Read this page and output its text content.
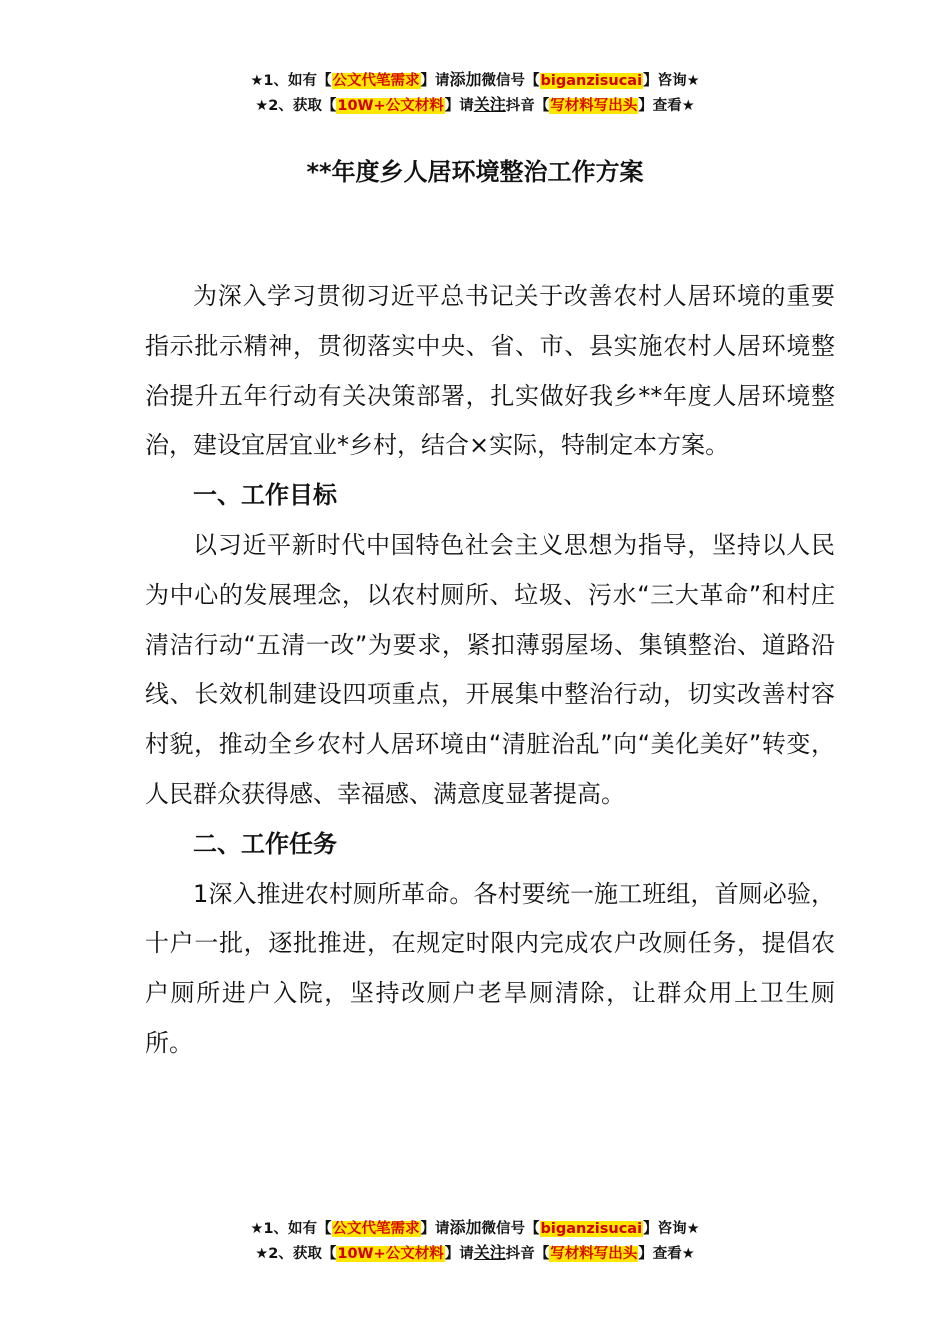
★1、如有【公文代笔需求】请添加微信号【biganzisucai】咨询★
★2、获取【10W+公文材料】请关注抖音【写材料写出头】查看★
**年度乡人居环境整治工作方案

为深入学习贯彻习近平总书记关于改善农村人居环境的重要指示批示精神，贯彻落实中央、省、市、县实施农村人居环境整治提升五年行动有关决策部署，扎实做好我乡**年度人居环境整治，建设宜居宜业*乡村，结合×实际，特制定本方案。

一、工作目标

以习近平新时代中国特色社会主义思想为指导，坚持以人民为中心的发展理念，以农村厕所、垃圾、污水“三大革命”和村庄清洁行动“五清一改”为要求，紧扣薄弱屋场、集镇整治、道路沿线、长效机制建设四项重点，开展集中整治行动，切实改善村容村貌，推动全乡农村人居环境由“清脏治乱”向“美化美好”转变，人民群众获得感、幸福感、满意度显著提高。

二、工作任务

1深入推进农村厕所革命。各村要统一施工班组，首厕必验，十户一批，逐批推进，在规定时限内完成农户改厕任务，提倡农户厕所进户入院，坚持改厕户老旱厕清除，让群众用上卫生厕所。

★1、如有【公文代笔需求】请添加微信号【biganzisucai】咨询★
★2、获取【10W+公文材料】请关注抖音【写材料写出头】查看★
